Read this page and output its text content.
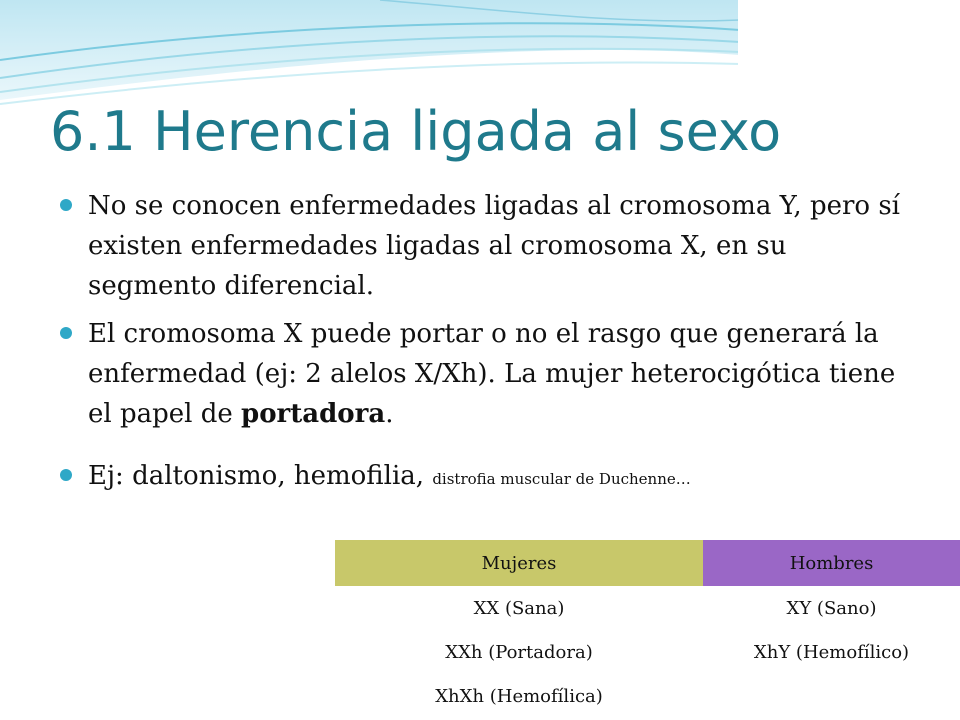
6.1 Herencia ligada al sexo
No se conocen enfermedades ligadas al cromosoma Y, pero sí existen enfermedades ligadas al cromosoma X, en su segmento diferencial.
El cromosoma X puede portar o no el rasgo que generará la enfermedad (ej: 2 alelos X/Xh). La mujer heterocigótica tiene el papel de portadora.
Ej: daltonismo, hemofilia, distrofia muscular de Duchenne…
Mujeres	Hombres
XX (Sana)	XY (Sano)
XXh (Portadora)	XhY (Hemofílico)
XhXh (Hemofílica)	
